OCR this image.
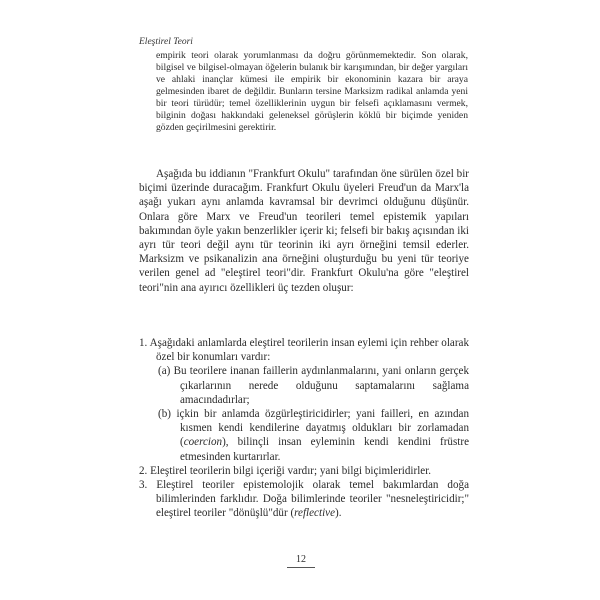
Eleştirel Teori
empirik teori olarak yorumlanması da doğru görünmemektedir. Son olarak, bilgisel ve bilgisel-olmayan öğelerin bulanık bir karışımından, bir değer yargıları ve ahlaki inançlar kümesi ile empirik bir ekonominin kazara bir araya gelmesinden ibaret de değildir. Bunların tersine Marksizm radikal anlamda yeni bir teori türüdür; temel özelliklerinin uygun bir felsefi açıklamasını vermek, bilginin doğası hakkındaki geleneksel görüşlerin köklü bir biçimde yeniden gözden geçirilmesini gerektirir.
Aşağıda bu iddianın "Frankfurt Okulu" tarafından öne sürülen özel bir biçimi üzerinde duracağım. Frankfurt Okulu üyeleri Freud'un da Marx'la aşağı yukarı aynı anlamda kavramsal bir devrimci olduğunu düşünür. Onlara göre Marx ve Freud'un teorileri temel epistemik yapıları bakımından öyle yakın benzerlikler içerir ki; felsefi bir bakış açısından iki ayrı tür teori değil aynı tür teorinin iki ayrı örneğini temsil ederler. Marksizm ve psikanalizin ana örneğini oluşturduğu bu yeni tür teoriye verilen genel ad "eleştirel teori"dir. Frankfurt Okulu'na göre "eleştirel teori"nin ana ayırıcı özellikleri üç tezden oluşur:
1. Aşağıdaki anlamlarda eleştirel teorilerin insan eylemi için rehber olarak özel bir konumları vardır:
(a) Bu teorilere inanan faillerin aydınlanmalarını, yani onların gerçek çıkarlarının nerede olduğunu saptamalarını sağlama amacındadırlar;
(b) içkin bir anlamda özgürleştiricidirler; yani failleri, en azından kısmen kendi kendilerine dayatmış oldukları bir zorlamadan (coercion), bilinçli insan eyleminin kendi kendini früstre etmesinden kurtarırlar.
2. Eleştirel teorilerin bilgi içeriği vardır; yani bilgi biçimleridirler.
3. Eleştirel teoriler epistemolojik olarak temel bakımlardan doğa bilimlerinden farklıdır. Doğa bilimlerinde teoriler "nesneleştiricidir;" eleştirel teoriler "dönüşlü"dür (reflective).
12
